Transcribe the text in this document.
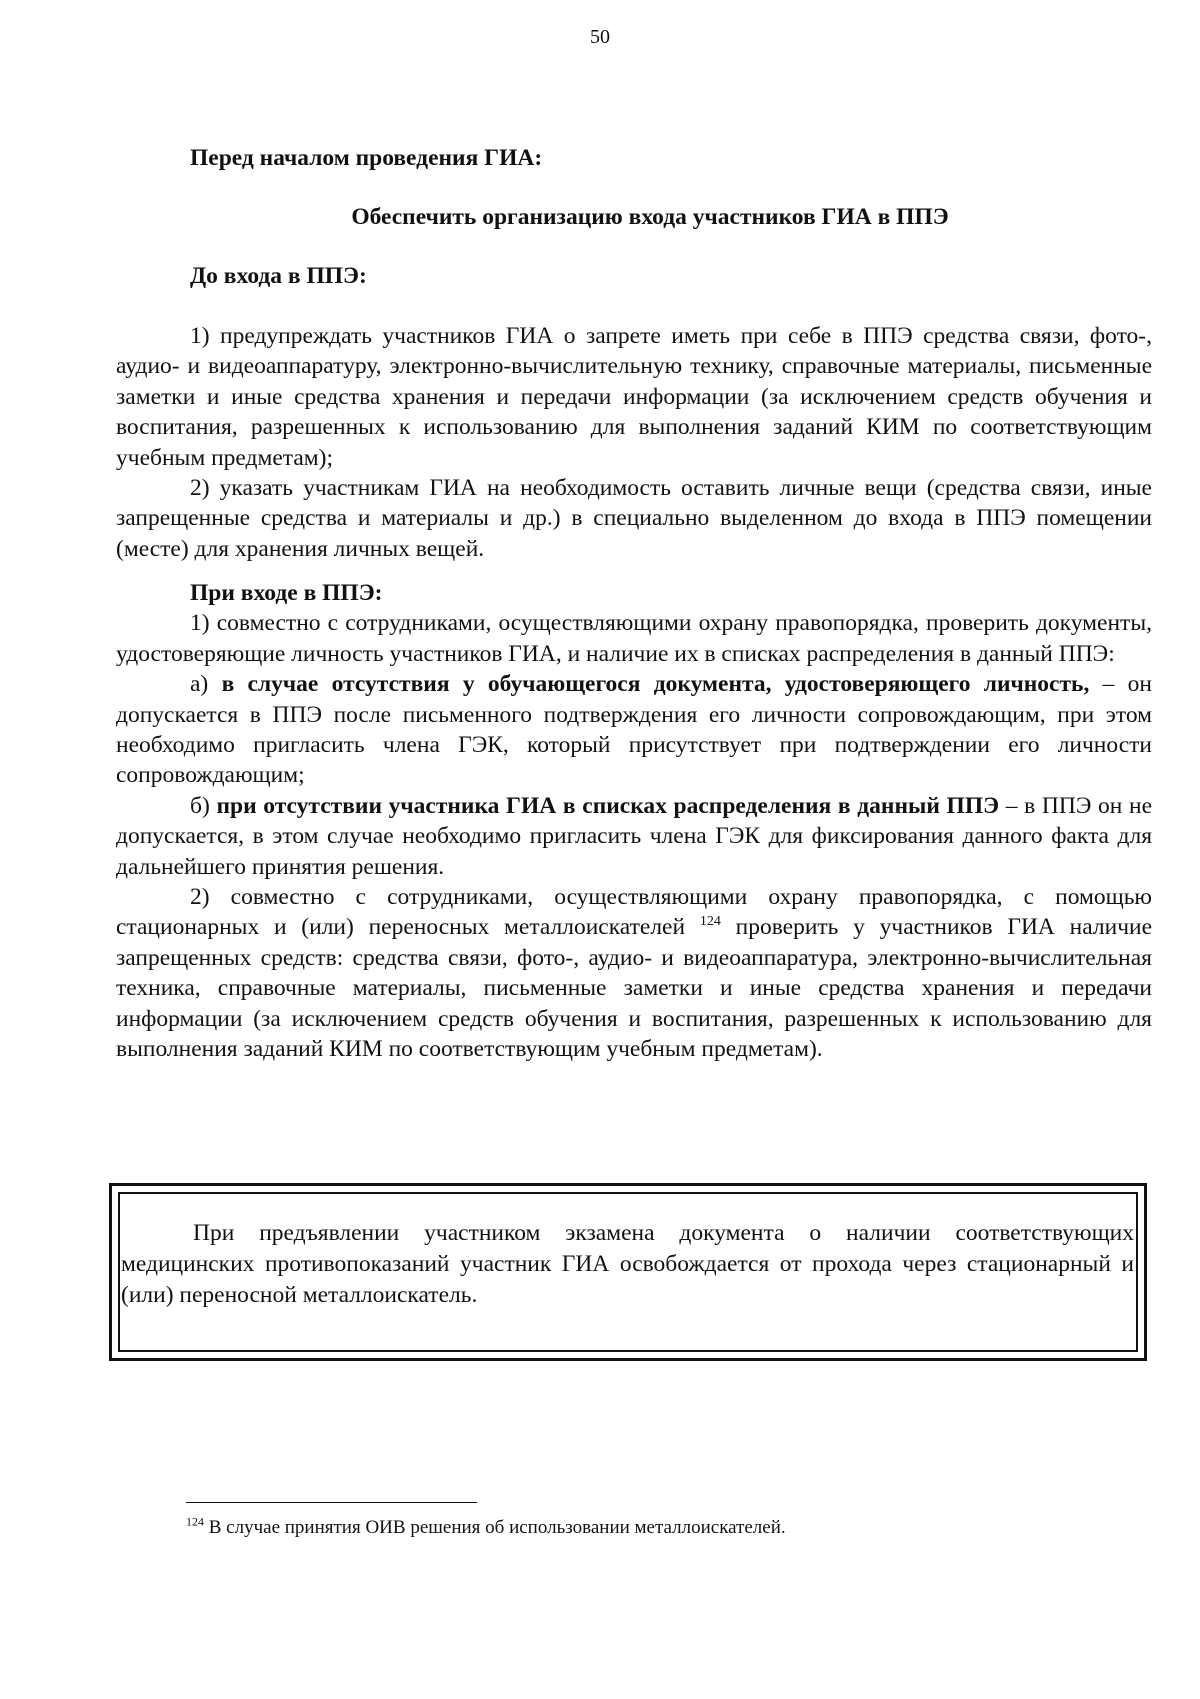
50

Перед началом проведения ГИА:

Обеспечить организацию входа участников ГИА в ППЭ

До входа в ППЭ:

1) предупреждать участников ГИА о запрете иметь при себе в ППЭ средства связи, фото-, аудио- и видеоаппаратуру, электронно-вычислительную технику, справочные материалы, письменные заметки и иные средства хранения и передачи информации (за исключением средств обучения и воспитания, разрешенных к использованию для выполнения заданий КИМ по соответствующим учебным предметам);

2) указать участникам ГИА на необходимость оставить личные вещи (средства связи, иные запрещенные средства и материалы и др.) в специально выделенном до входа в ППЭ помещении (месте) для хранения личных вещей.

При входе в ППЭ:

1) совместно с сотрудниками, осуществляющими охрану правопорядка, проверить документы, удостоверяющие личность участников ГИА, и наличие их в списках распределения в данный ППЭ:

а) в случае отсутствия у обучающегося документа, удостоверяющего личность, – он допускается в ППЭ после письменного подтверждения его личности сопровождающим, при этом необходимо пригласить члена ГЭК, который присутствует при подтверждении его личности сопровождающим;

б) при отсутствии участника ГИА в списках распределения в данный ППЭ – в ППЭ он не допускается, в этом случае необходимо пригласить члена ГЭК для фиксирования данного факта для дальнейшего принятия решения.

2) совместно с сотрудниками, осуществляющими охрану правопорядка, с помощью стационарных и (или) переносных металлоискателей $^{124}$ проверить у участников ГИА наличие запрещенных средств: средства связи, фото-, аудио- и видеоаппаратура, электронно-вычислительная техника, справочные материалы, письменные заметки и иные средства хранения и передачи информации (за исключением средств обучения и воспитания, разрешенных к использованию для выполнения заданий КИМ по соответствующим учебным предметам).

При предъявлении участником экзамена документа о наличии соответствующих медицинских противопоказаний участник ГИА освобождается от прохода через стационарный и (или) переносной металлоискатель.
$^{124}$ В случае принятия ОИВ решения об использовании металлоискателей.
